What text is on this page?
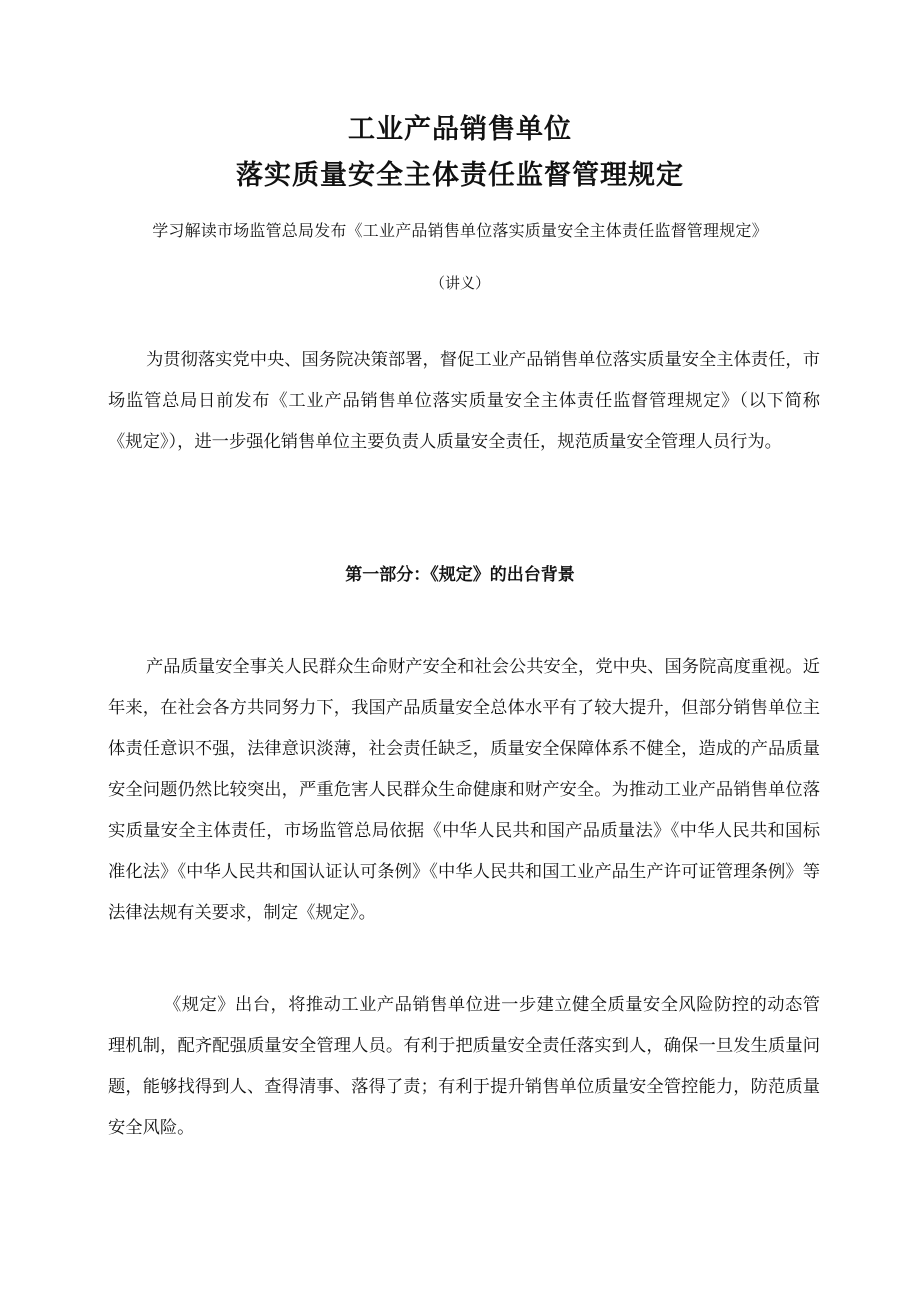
工业产品销售单位
落实质量安全主体责任监督管理规定
学习解读市场监管总局发布《工业产品销售单位落实质量安全主体责任监督管理规定》
（讲义）

为贯彻落实党中央、国务院决策部署，督促工业产品销售单位落实质量安全主体责任，市场监管总局日前发布《工业产品销售单位落实质量安全主体责任监督管理规定》（以下简称《规定》），进一步强化销售单位主要负责人质量安全责任，规范质量安全管理人员行为。

第一部分：《规定》的出台背景

产品质量安全事关人民群众生命财产安全和社会公共安全，党中央、国务院高度重视。近年来，在社会各方共同努力下，我国产品质量安全总体水平有了较大提升，但部分销售单位主体责任意识不强，法律意识淡薄，社会责任缺乏，质量安全保障体系不健全，造成的产品质量安全问题仍然比较突出，严重危害人民群众生命健康和财产安全。为推动工业产品销售单位落实质量安全主体责任，市场监管总局依据《中华人民共和国产品质量法》《中华人民共和国标准化法》《中华人民共和国认证认可条例》《中华人民共和国工业产品生产许可证管理条例》等法律法规有关要求，制定《规定》。

《规定》出台，将推动工业产品销售单位进一步建立健全质量安全风险防控的动态管理机制，配齐配强质量安全管理人员。有利于把质量安全责任落实到人，确保一旦发生质量问题，能够找得到人、查得清事、落得了责；有利于提升销售单位质量安全管控能力，防范质量安全风险。
